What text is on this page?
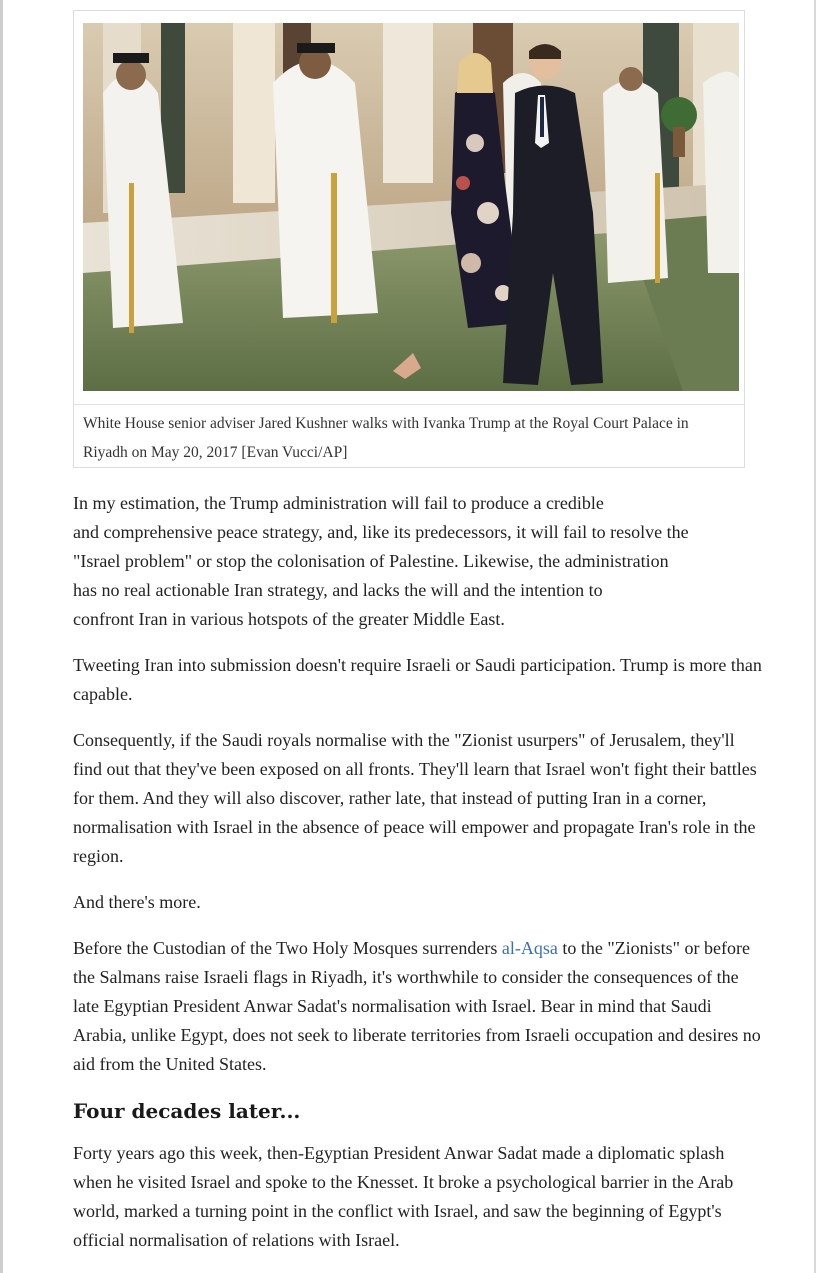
White House senior adviser Jared Kushner walks with Ivanka Trump at the Royal Court Palace in Riyadh on May 20, 2017 [Evan Vucci/AP]

In my estimation, the Trump administration will fail to produce a credible
and comprehensive peace strategy, and, like its predecessors, it will fail to resolve the
"Israel problem" or stop the colonisation of Palestine. Likewise, the administration
has no real actionable Iran strategy, and lacks the will and the intention to
confront Iran in various hotspots of the greater Middle East.

Tweeting Iran into submission doesn't require Israeli or Saudi participation. Trump is more than capable.

Consequently, if the Saudi royals normalise with the "Zionist usurpers" of Jerusalem, they'll find out that they've been exposed on all fronts. They'll learn that Israel won't fight their battles for them. And they will also discover, rather late, that instead of putting Iran in a corner, normalisation with Israel in the absence of peace will empower and propagate Iran's role in the region.

And there's more.

Before the Custodian of the Two Holy Mosques surrenders al-Aqsa to the "Zionists" or before the Salmans raise Israeli flags in Riyadh, it's worthwhile to consider the consequences of the late Egyptian President Anwar Sadat's normalisation with Israel. Bear in mind that Saudi Arabia, unlike Egypt, does not seek to liberate territories from Israeli occupation and desires no aid from the United States.

Four decades later...

Forty years ago this week, then-Egyptian President Anwar Sadat made a diplomatic splash when he visited Israel and spoke to the Knesset. It broke a psychological barrier in the Arab world, marked a turning point in the conflict with Israel, and saw the beginning of Egypt's official normalisation of relations with Israel.
